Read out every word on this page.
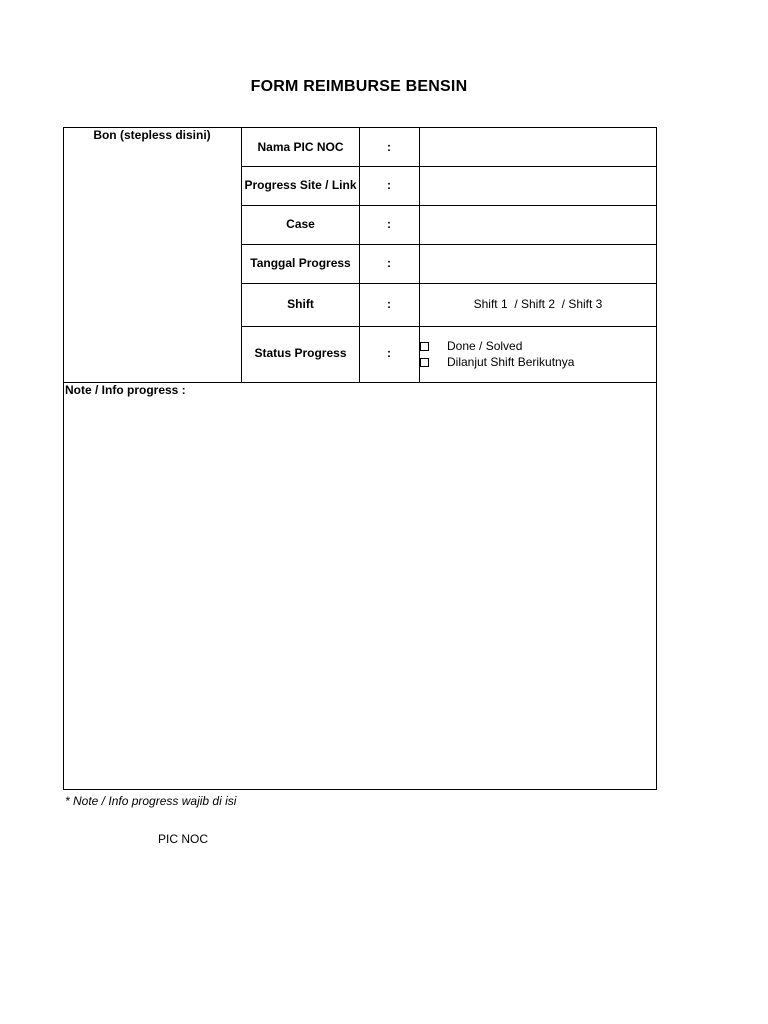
FORM REIMBURSE BENSIN
Bon (stepless disini)
Nama PIC NOC	:
Progress Site / Link	:
Case	:
Tanggal Progress	:
Shift	:	Shift 1  / Shift 2  / Shift 3
Status Progress	:	Done / Solved
Dilanjut Shift Berikutnya
Note / Info progress :
* Note / Info progress wajib di isi
PIC NOC
